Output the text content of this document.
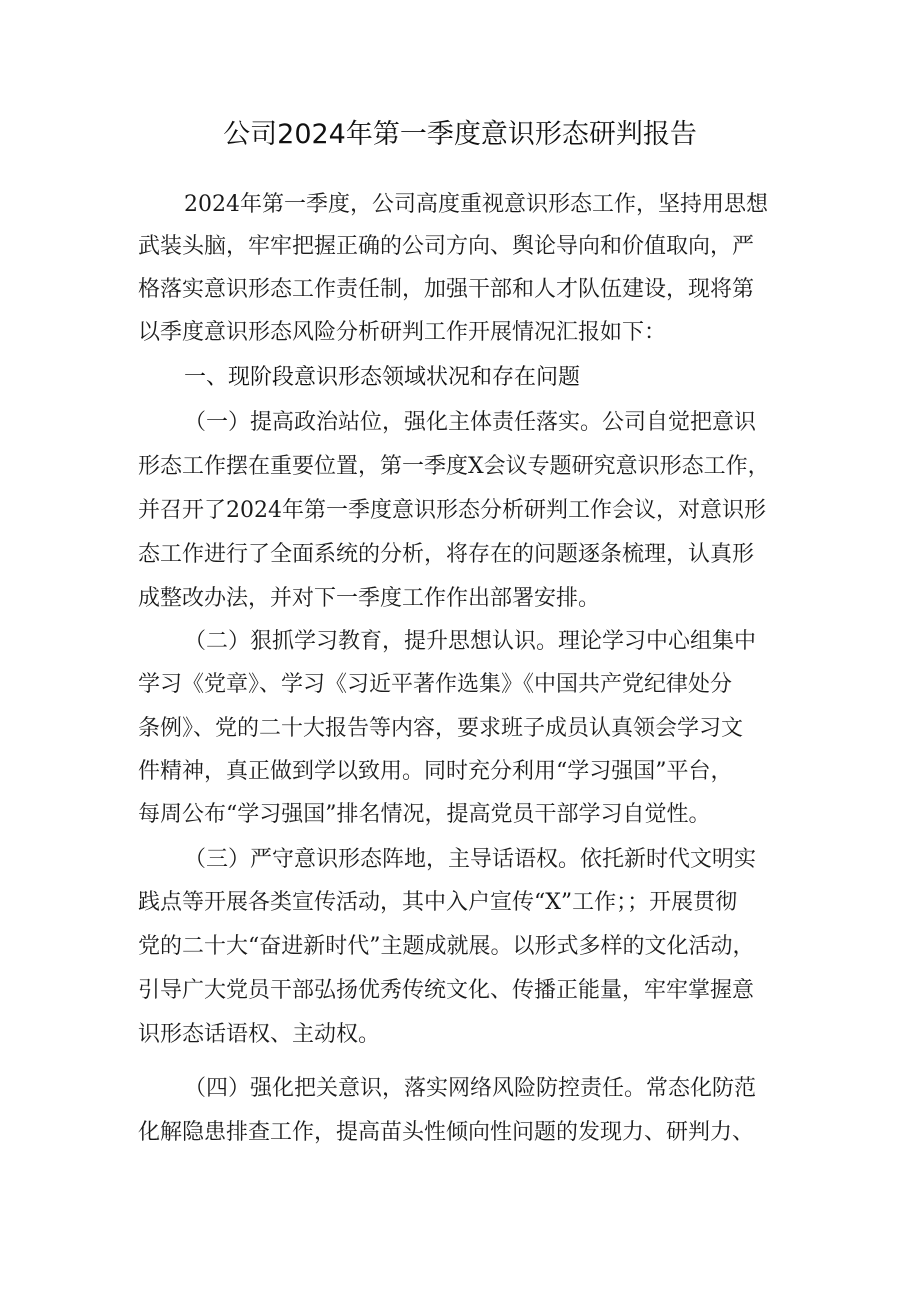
公司2024年第一季度意识形态研判报告
2024年第一季度，公司高度重视意识形态工作，坚持用思想
武装头脑，牢牢把握正确的公司方向、舆论导向和价值取向，严
格落实意识形态工作责任制，加强干部和人才队伍建设，现将第
以季度意识形态风险分析研判工作开展情况汇报如下：
一、现阶段意识形态领域状况和存在问题
（一）提高政治站位，强化主体责任落实。公司自觉把意识
形态工作摆在重要位置，第一季度X会议专题研究意识形态工作，
并召开了2024年第一季度意识形态分析研判工作会议，对意识形
态工作进行了全面系统的分析，将存在的问题逐条梳理，认真形
成整改办法，并对下一季度工作作出部署安排。
（二）狠抓学习教育，提升思想认识。理论学习中心组集中
学习《党章》、学习《习近平著作选集》《中国共产党纪律处分
条例》、党的二十大报告等内容，要求班子成员认真领会学习文
件精神，真正做到学以致用。同时充分利用“学习强国”平台，
每周公布“学习强国”排名情况，提高党员干部学习自觉性。
（三）严守意识形态阵地，主导话语权。依托新时代文明实
践点等开展各类宣传活动，其中入户宣传“X”工作；；开展贯彻
党的二十大“奋进新时代”主题成就展。以形式多样的文化活动，
引导广大党员干部弘扬优秀传统文化、传播正能量，牢牢掌握意
识形态话语权、主动权。
（四）强化把关意识，落实网络风险防控责任。常态化防范
化解隐患排查工作，提高苗头性倾向性问题的发现力、研判力、
